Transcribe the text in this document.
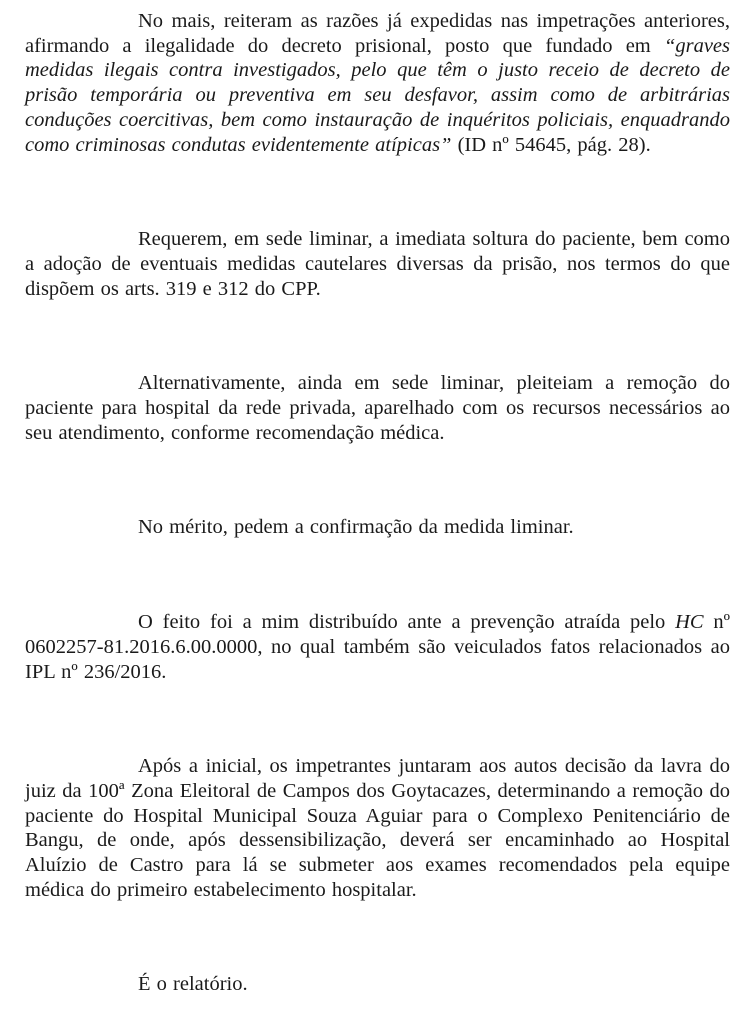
No mais, reiteram as razões já expedidas nas impetrações anteriores, afirmando a ilegalidade do decreto prisional, posto que fundado em “graves medidas ilegais contra investigados, pelo que têm o justo receio de decreto de prisão temporária ou preventiva em seu desfavor, assim como de arbitrárias conduções coercitivas, bem como instauração de inquéritos policiais, enquadrando como criminosas condutas evidentemente atípicas” (ID nº 54645, pág. 28).

Requerem, em sede liminar, a imediata soltura do paciente, bem como a adoção de eventuais medidas cautelares diversas da prisão, nos termos do que dispõem os arts. 319 e 312 do CPP.

Alternativamente, ainda em sede liminar, pleiteiam a remoção do paciente para hospital da rede privada, aparelhado com os recursos necessários ao seu atendimento, conforme recomendação médica.

No mérito, pedem a confirmação da medida liminar.

O feito foi a mim distribuído ante a prevenção atraída pelo HC nº 0602257-81.2016.6.00.0000, no qual também são veiculados fatos relacionados ao IPL nº 236/2016.

Após a inicial, os impetrantes juntaram aos autos decisão da lavra do juiz da 100ª Zona Eleitoral de Campos dos Goytacazes, determinando a remoção do paciente do Hospital Municipal Souza Aguiar para o Complexo Penitenciário de Bangu, de onde, após dessensibilização, deverá ser encaminhado ao Hospital Aluízio de Castro para lá se submeter aos exames recomendados pela equipe médica do primeiro estabelecimento hospitalar.

É o relatório.
